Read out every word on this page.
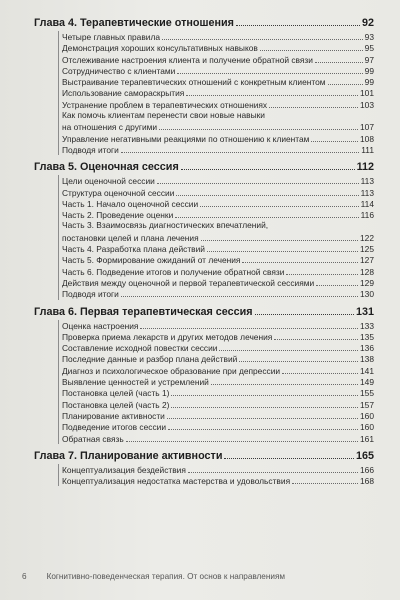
Глава 4. Терапевтические отношения	92
Четыре главных правила	93
Демонстрация хороших консультативных навыков	95
Отслеживание настроения клиента и получение обратной связи	97
Сотрудничество с клиентами	99
Выстраивание терапевтических отношений с конкретным клиентом	99
Использование самораскрытия	101
Устранение проблем в терапевтических отношениях	103
Как помочь клиентам перенести свои новые навыки
на отношения с другими	107
Управление негативными реакциями по отношению к клиентам	108
Подводя итоги	111
Глава 5. Оценочная сессия	112
Цели оценочной сессии	113
Структура оценочной сессии	113
Часть 1. Начало оценочной сессии	114
Часть 2. Проведение оценки	116
Часть 3. Взаимосвязь диагностических впечатлений,
постановки целей и плана лечения	122
Часть 4. Разработка плана действий	125
Часть 5. Формирование ожиданий от лечения	127
Часть 6. Подведение итогов и получение обратной связи	128
Действия между оценочной и первой терапевтической сессиями	129
Подводя итоги	130
Глава 6. Первая терапевтическая сессия	131
Оценка настроения	133
Проверка приема лекарств и других методов лечения	135
Составление исходной повестки сессии	136
Последние данные и разбор плана действий	138
Диагноз и психологическое образование при депрессии	141
Выявление ценностей и устремлений	149
Постановка целей (часть 1)	155
Постановка целей (часть 2)	157
Планирование активности	160
Подведение итогов сессии	160
Обратная связь	161
Глава 7. Планирование активности	165
Концептуализация бездействия	166
Концептуализация недостатка мастерства и удовольствия	168
6 Когнитивно-поведенческая терапия. От основ к направлениям
